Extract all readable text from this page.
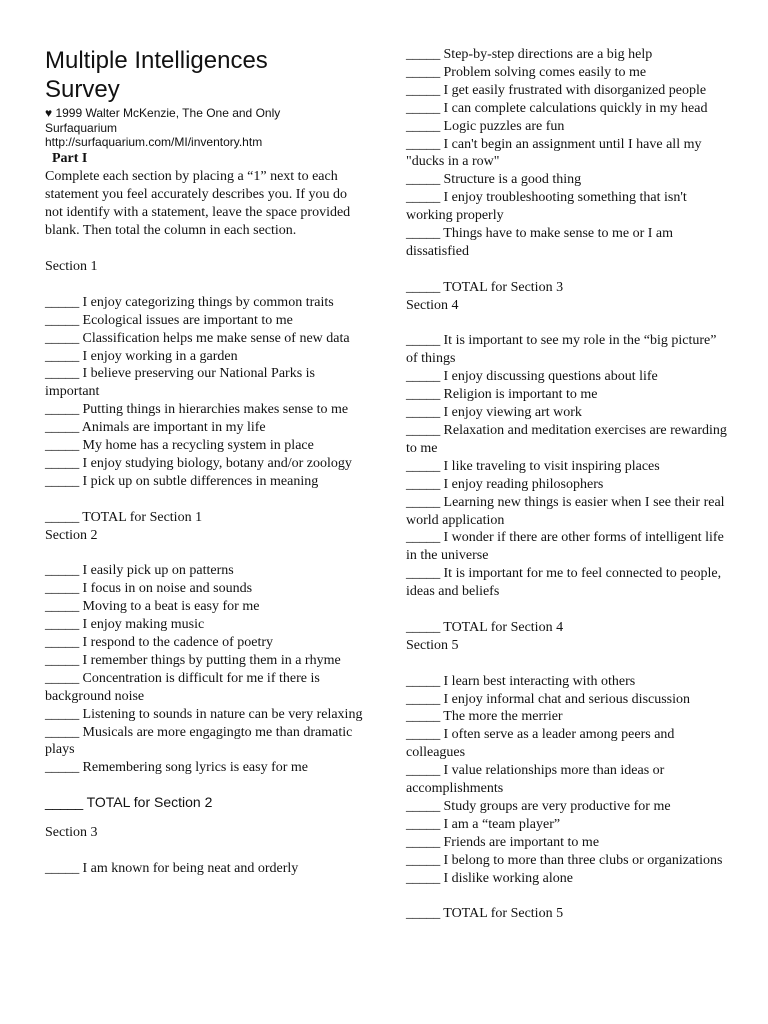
Multiple Intelligences
Survey
♥ 1999 Walter McKenzie, The One and Only
Surfaquarium
http://surfaquarium.com/MI/inventory.htm
Part I
Complete each section by placing a “1” next to each statement you feel accurately describes you. If you do not identify with a statement, leave the space provided blank. Then total the column in each section.
Section 1
_____ I enjoy categorizing things by common traits
_____ Ecological issues are important to me
_____ Classification helps me make sense of new data
_____ I enjoy working in a garden
_____ I believe preserving our National Parks is important
_____ Putting things in hierarchies makes sense to me
_____ Animals are important in my life
_____ My home has a recycling system in place
_____ I enjoy studying biology, botany and/or zoology
_____ I pick up on subtle differences in meaning
_____ TOTAL for Section 1
Section 2
_____ I easily pick up on patterns
_____ I focus in on noise and sounds
_____ Moving to a beat is easy for me
_____ I enjoy making music
_____ I respond to the cadence of poetry
_____ I remember things by putting them in a rhyme
_____ Concentration is difficult for me if there is background noise
_____ Listening to sounds in nature can be very relaxing
_____ Musicals are more engagingto me than dramatic plays
_____ Remembering song lyrics is easy for me
_____ TOTAL for Section 2
Section 3
_____ I am known for being neat and orderly
_____ Step-by-step directions are a big help
_____ Problem solving comes easily to me
_____ I get easily frustrated with disorganized people
_____ I can complete calculations quickly in my head
_____ Logic puzzles are fun
_____ I can't begin an assignment until I have all my "ducks in a row"
_____ Structure is a good thing
_____ I enjoy troubleshooting something that isn't working properly
_____ Things have to make sense to me or I am dissatisfied
_____ TOTAL for Section 3
Section 4
_____ It is important to see my role in the “big picture” of things
_____ I enjoy discussing questions about life
_____ Religion is important to me
_____ I enjoy viewing art work
_____ Relaxation and meditation exercises are rewarding to me
_____ I like traveling to visit inspiring places
_____ I enjoy reading philosophers
_____ Learning new things is easier when I see their real world application
_____ I wonder if there are other forms of intelligent life in the universe
_____ It is important for me to feel connected to people, ideas and beliefs
_____ TOTAL for Section 4
Section 5
_____ I learn best interacting with others
_____ I enjoy informal chat and serious discussion
_____ The more the merrier
_____ I often serve as a leader among peers and colleagues
_____ I value relationships more than ideas or accomplishments
_____ Study groups are very productive for me
_____ I am a “team player”
_____ Friends are important to me
_____ I belong to more than three clubs or organizations
_____ I dislike working alone
_____ TOTAL for Section 5
